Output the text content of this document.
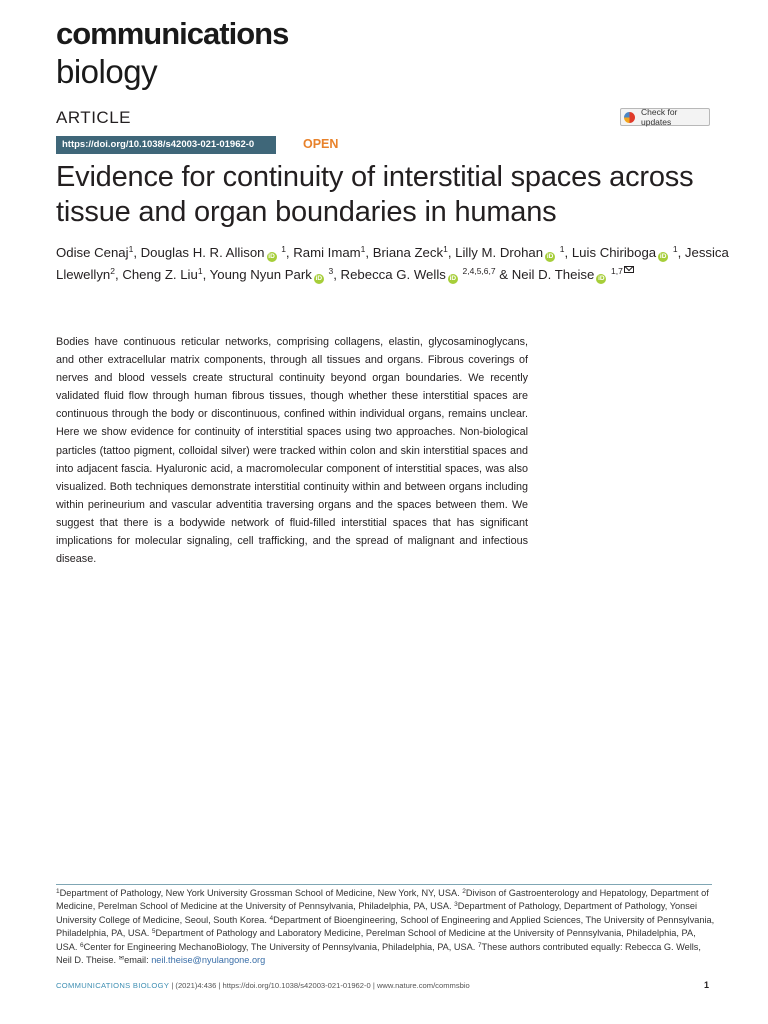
communications
biology
ARTICLE	Check for updates
https://doi.org/10.1038/s42003-021-01962-0	OPEN
Evidence for continuity of interstitial spaces across tissue and organ boundaries in humans
Odise Cenaj$^1$, Douglas H. R. Allison iD $^1$, Rami Imam$^1$, Briana Zeck$^1$, Lilly M. Drohan iD $^1$, Luis Chiriboga iD $^1$, Jessica Llewellyn$^2$, Cheng Z. Liu$^1$, Young Nyun Park iD $^3$, Rebecca G. Wells iD $^{2,4,5,6,7}$ & Neil D. Theise iD $^{1,7}$

Bodies have continuous reticular networks, comprising collagens, elastin, glycosaminoglycans, and other extracellular matrix components, through all tissues and organs. Fibrous coverings of nerves and blood vessels create structural continuity beyond organ boundaries. We recently validated fluid flow through human fibrous tissues, though whether these interstitial spaces are continuous through the body or discontinuous, confined within individual organs, remains unclear. Here we show evidence for continuity of interstitial spaces using two approaches. Non-biological particles (tattoo pigment, colloidal silver) were tracked within colon and skin interstitial spaces and into adjacent fascia. Hyaluronic acid, a macromolecular component of interstitial spaces, was also visualized. Both techniques demonstrate interstitial continuity within and between organs including within perineurium and vascular adventitia traversing organs and the spaces between them. We suggest that there is a bodywide network of fluid-filled interstitial spaces that has significant implications for molecular signaling, cell trafficking, and the spread of malignant and infectious disease.

$^1$Department of Pathology, New York University Grossman School of Medicine, New York, NY, USA. $^2$Divison of Gastroenterology and Hepatology, Department of Medicine, Perelman School of Medicine at the University of Pennsylvania, Philadelphia, PA, USA. $^3$Department of Pathology, Department of Pathology, Yonsei University College of Medicine, Seoul, South Korea. $^4$Department of Bioengineering, School of Engineering and Applied Sciences, The University of Pennsylvania, Philadelphia, PA, USA. $^5$Department of Pathology and Laboratory Medicine, Perelman School of Medicine at the University of Pennsylvania, Philadelphia, PA, USA. $^6$Center for Engineering MechanoBiology, The University of Pennsylvania, Philadelphia, PA, USA. $^7$These authors contributed equally: Rebecca G. Wells, Neil D. Theise. ✉email: neil.theise@nyulangone.org
COMMUNICATIONS BIOLOGY | (2021)4:436 | https://doi.org/10.1038/s42003-021-01962-0 | www.nature.com/commsbio	1
